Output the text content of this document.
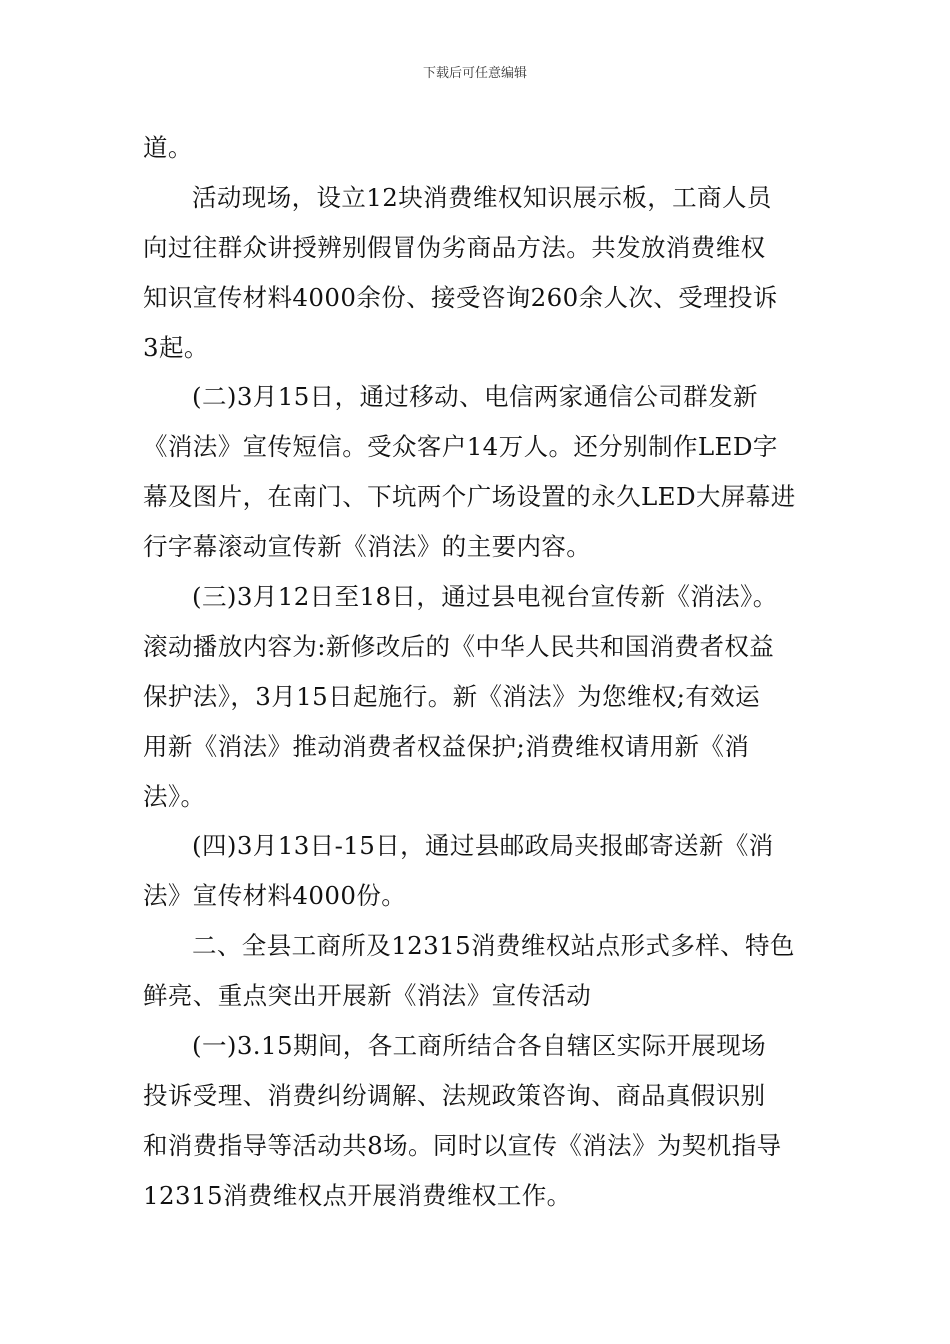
下载后可任意编辑
道。
活动现场，设立12块消费维权知识展示板，工商人员
向过往群众讲授辨别假冒伪劣商品方法。共发放消费维权
知识宣传材料4000余份、接受咨询260余人次、受理投诉
3起。
(二)3月15日，通过移动、电信两家通信公司群发新
《消法》宣传短信。受众客户14万人。还分别制作LED字
幕及图片，在南门、下坑两个广场设置的永久LED大屏幕进
行字幕滚动宣传新《消法》的主要内容。
(三)3月12日至18日，通过县电视台宣传新《消法》。
滚动播放内容为:新修改后的《中华人民共和国消费者权益
保护法》，3月15日起施行。新《消法》为您维权;有效运
用新《消法》推动消费者权益保护;消费维权请用新《消
法》。
(四)3月13日-15日，通过县邮政局夹报邮寄送新《消
法》宣传材料4000份。
二、全县工商所及12315消费维权站点形式多样、特色
鲜亮、重点突出开展新《消法》宣传活动
(一)3.15期间，各工商所结合各自辖区实际开展现场
投诉受理、消费纠纷调解、法规政策咨询、商品真假识别
和消费指导等活动共8场。同时以宣传《消法》为契机指导
12315消费维权点开展消费维权工作。
